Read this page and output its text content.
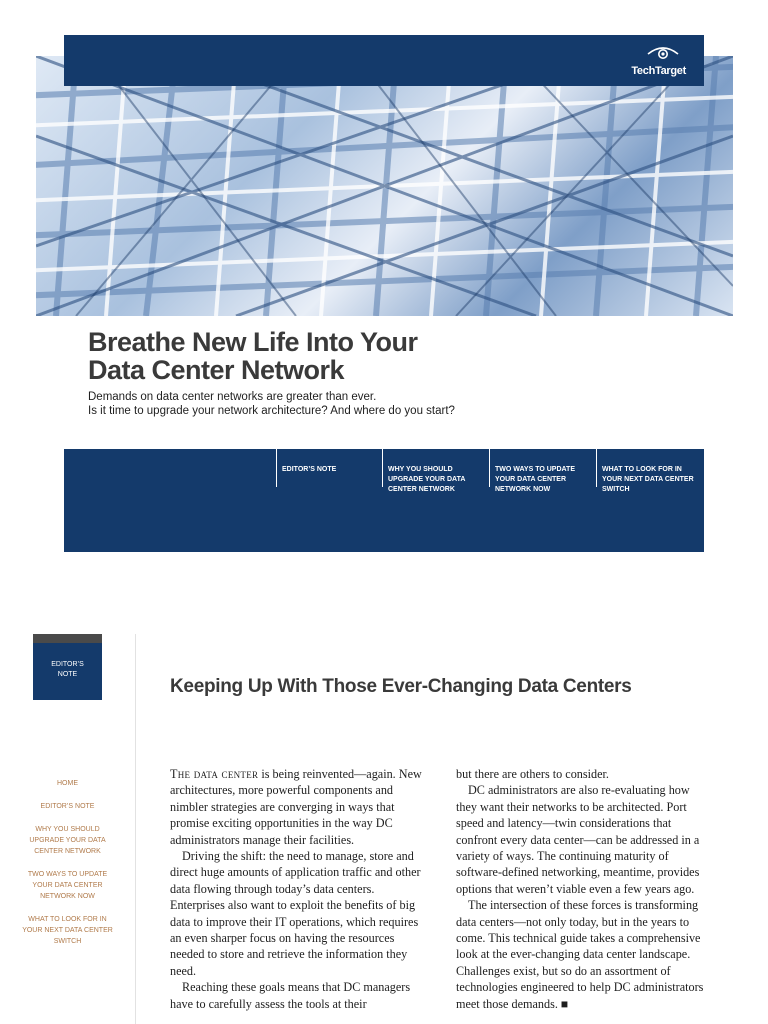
TechTarget
Breathe New Life Into Your Data Center Network
Demands on data center networks are greater than ever.
Is it time to upgrade your network architecture? And where do you start?
EDITOR’S NOTE	WHY YOU SHOULD UPGRADE YOUR DATA CENTER NETWORK
TWO WAYS TO UPDATE YOUR DATA CENTER NETWORK NOW
WHAT TO LOOK FOR IN YOUR NEXT DATA CENTER SWITCH
EDITOR’S NOTE
HOME
EDITOR’S NOTE
WHY YOU SHOULD UPGRADE YOUR DATA CENTER NETWORK
TWO WAYS TO UPDATE YOUR DATA CENTER NETWORK NOW
WHAT TO LOOK FOR IN YOUR NEXT DATA CENTER SWITCH
Keeping Up With Those Ever-Changing Data Centers

The data center is being reinvented—again. New architectures, more powerful components and nimbler strategies are converging in ways that promise exciting opportunities in the way DC administrators manage their facilities.

Driving the shift: the need to manage, store and direct huge amounts of application traffic and other data flowing through today’s data centers. Enterprises also want to exploit the benefits of big data to improve their IT operations, which requires an even sharper focus on having the resources needed to store and retrieve the information they need.

Reaching these goals means that DC managers have to carefully assess the tools at their

but there are others to consider.

DC administrators are also re-evaluating how they want their networks to be architected. Port speed and latency—twin considerations that confront every data center—can be addressed in a variety of ways. The continuing maturity of software-defined networking, meantime, provides options that weren’t viable even a few years ago.

The intersection of these forces is transforming data centers—not only today, but in the years to come. This technical guide takes a comprehensive look at the ever-changing data center landscape. Challenges exist, but so do an assortment of technologies engineered to help DC administrators meet those demands. ■
